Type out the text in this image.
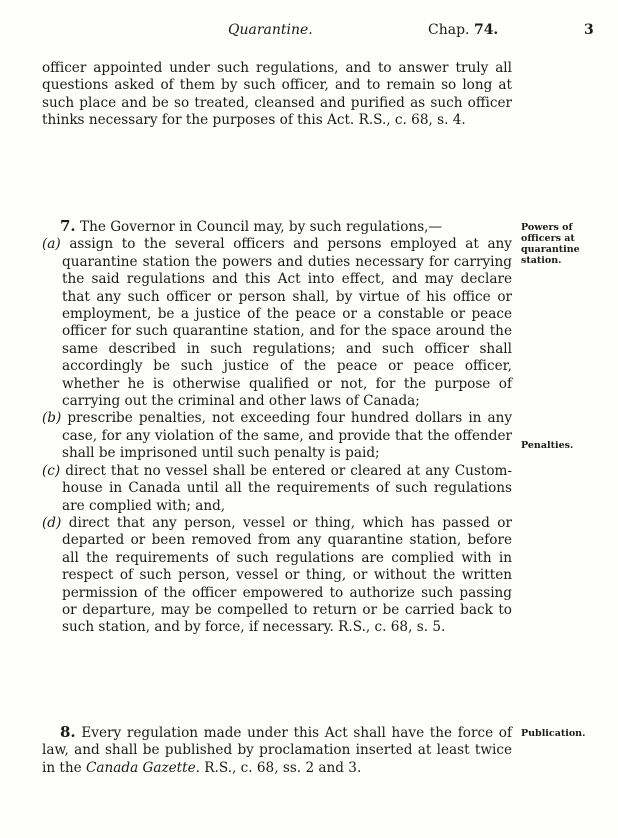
Quarantine.	Chap. 74.	3

officer appointed under such regulations, and to answer truly all questions asked of them by such officer, and to remain so long at such place and be so treated, cleansed and purified as such officer thinks necessary for the purposes of this Act. R.S., c. 68, s. 4.

7. The Governor in Council may, by such regulations,—

(a) assign to the several officers and persons employed at any quarantine station the powers and duties necessary for carrying the said regulations and this Act into effect, and may declare that any such officer or person shall, by virtue of his office or employment, be a justice of the peace or a constable or peace officer for such quarantine station, and for the space around the same described in such regulations; and such officer shall accordingly be such justice of the peace or peace officer, whether he is otherwise qualified or not, for the purpose of carrying out the criminal and other laws of Canada;

(b) prescribe penalties, not exceeding four hundred dollars in any case, for any violation of the same, and provide that the offender shall be imprisoned until such penalty is paid;

(c) direct that no vessel shall be entered or cleared at any Custom-house in Canada until all the requirements of such regulations are complied with; and,

(d) direct that any person, vessel or thing, which has passed or departed or been removed from any quarantine station, before all the requirements of such regulations are complied with in respect of such person, vessel or thing, or without the written permission of the officer empowered to authorize such passing or departure, may be compelled to return or be carried back to such station, and by force, if necessary. R.S., c. 68, s. 5.

Powers of officers at quarantine station.
Penalties.

8. Every regulation made under this Act shall have the force of law, and shall be published by proclamation inserted at least twice in the Canada Gazette. R.S., c. 68, ss. 2 and 3.

Publication.
